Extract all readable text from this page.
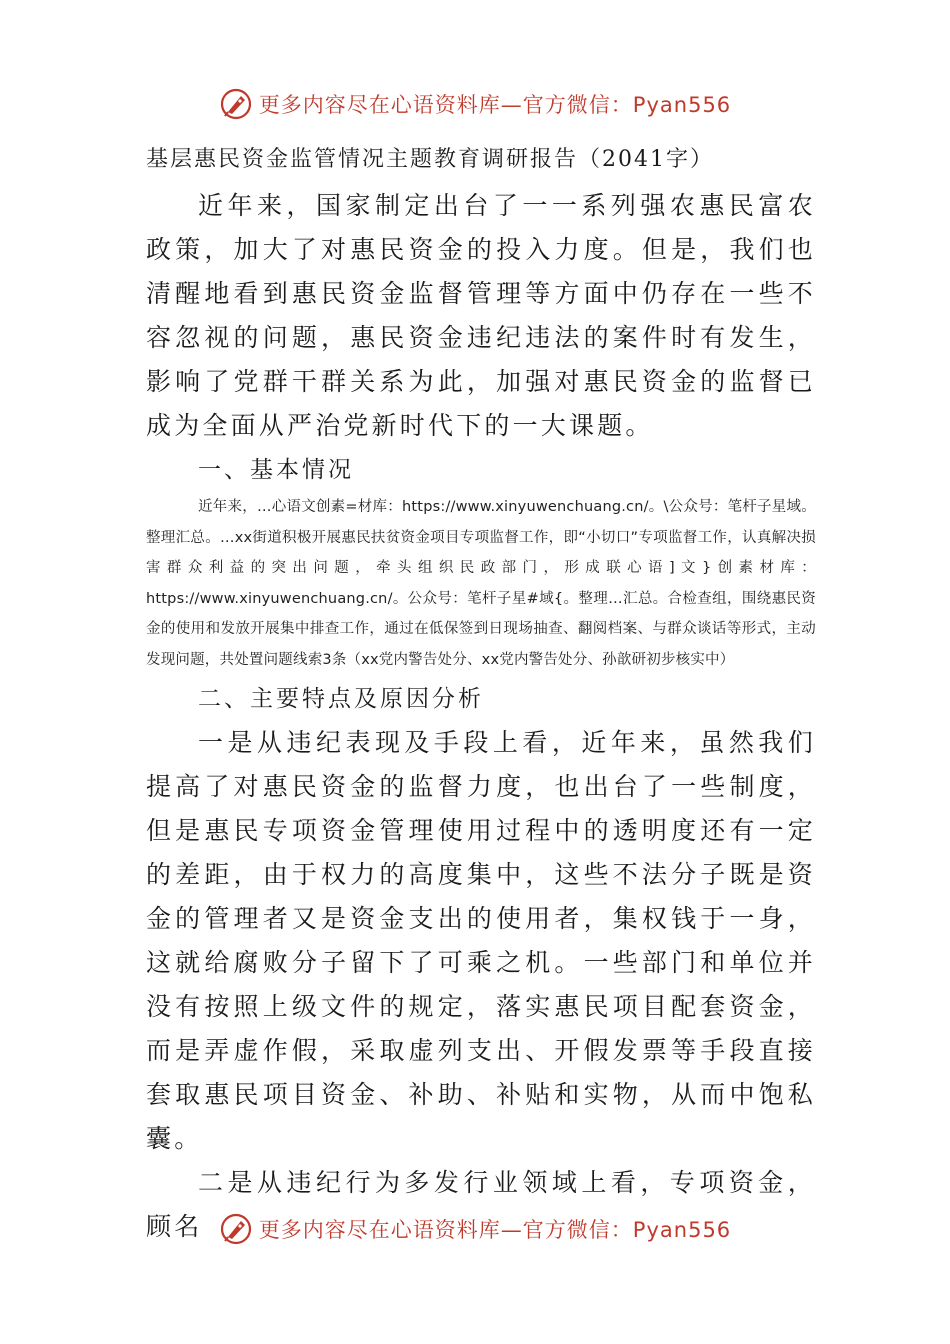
更多内容尽在心语资料库—官方微信：Pyan556

基层惠民资金监管情况主题教育调研报告（2041字）

近年来，国家制定出台了一一系列强农惠民富农政策，加大了对惠民资金的投入力度。但是，我们也清醒地看到惠民资金监督管理等方面中仍存在一些不容忽视的问题，惠民资金违纪违法的案件时有发生，影响了党群干群关系为此，加强对惠民资金的监督已成为全面从严治党新时代下的一大课题。

一、基本情况

近年来，…心语文创素=材库：https://www.xinyuwenchuang.cn/。\公众号：笔杆子星域。整理汇总。…xx街道积极开展惠民扶贫资金项目专项监督工作，即“小切口”专项监督工作，认真解决损害群众利益的突出问题，牵头组织民政部门，形成联心语]文}创素材库：https://www.xinyuwenchuang.cn/。公众号：笔杆子星#域{。整理…汇总。合检查组，围绕惠民资金的使用和发放开展集中排查工作，通过在低保签到日现场抽查、翻阅档案、与群众谈话等形式，主动发现问题，共处置问题线索3条（xx党内警告处分、xx党内警告处分、孙歆研初步核实中）

二、主要特点及原因分析

一是从违纪表现及手段上看，近年来，虽然我们提高了对惠民资金的监督力度，也出台了一些制度，但是惠民专项资金管理使用过程中的透明度还有一定的差距，由于权力的高度集中，这些不法分子既是资金的管理者又是资金支出的使用者，集权钱于一身，这就给腐败分子留下了可乘之机。一些部门和单位并没有按照上级文件的规定，落实惠民项目配套资金，而是弄虚作假，采取虚列支出、开假发票等手段直接套取惠民项目资金、补助、补贴和实物，从而中饱私囊。

二是从违纪行为多发行业领域上看，专项资金，顾名	更多内容尽在心语资料库—官方微信：Pyan556
